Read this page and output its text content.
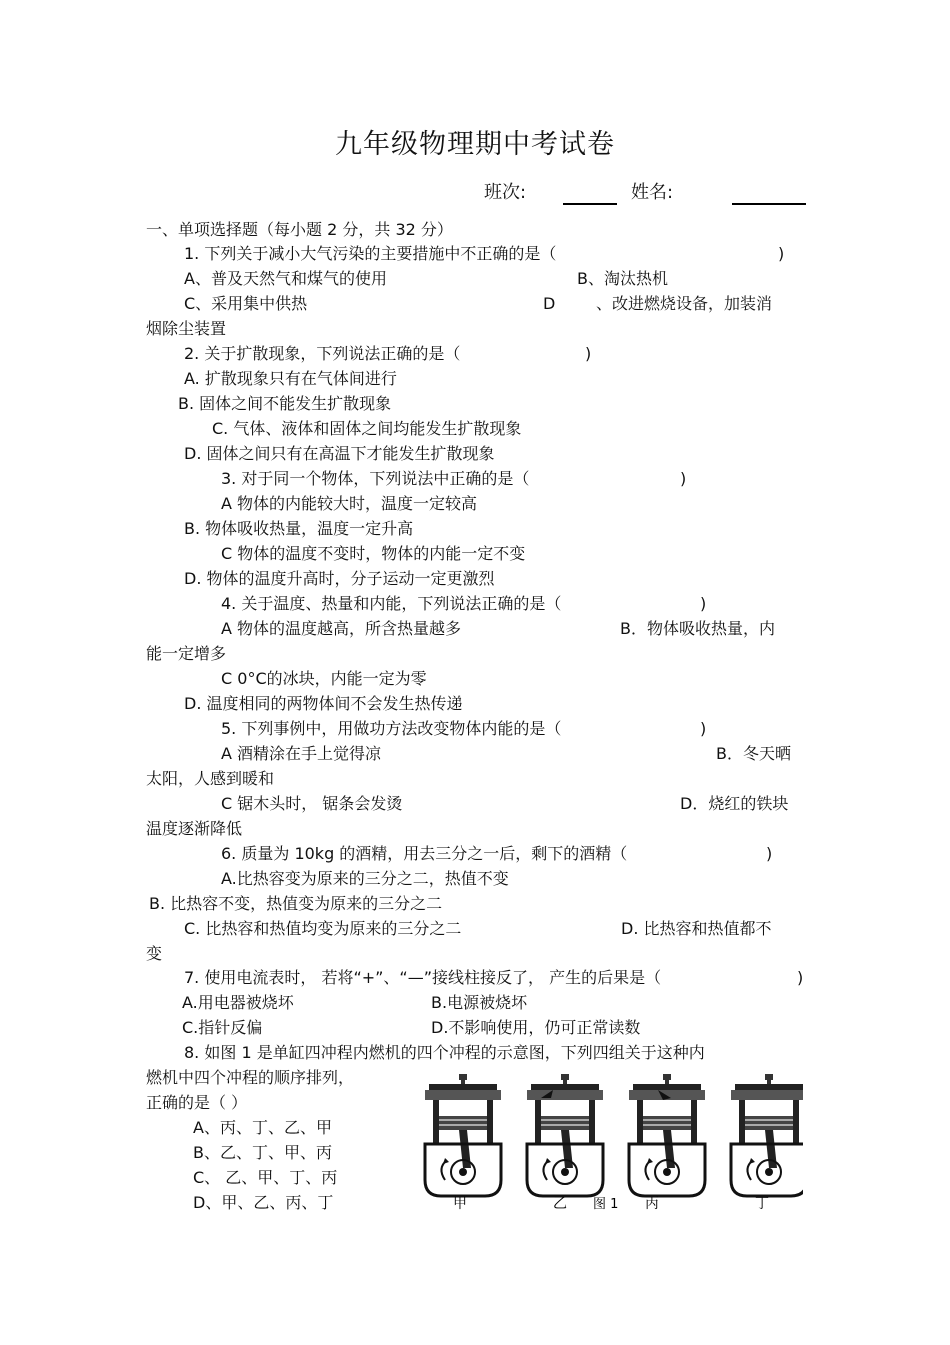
九年级物理期中考试卷
班次:	姓名:
一、单项选择题（每小题 2 分，共 32 分）
1. 下列关于减小大气污染的主要措施中不正确的是（	)
A、普及天然气和煤气的使用	B、淘汰热机
C、采用集中供热	D	、改进燃烧设备，加装消
烟除尘装置
2. 关于扩散现象，下列说法正确的是（	)
A. 扩散现象只有在气体间进行
B. 固体之间不能发生扩散现象
C. 气体、液体和固体之间均能发生扩散现象
D. 固体之间只有在高温下才能发生扩散现象
3. 对于同一个物体，下列说法中正确的是（	)
A 物体的内能较大时，温度一定较高
B. 物体吸收热量，温度一定升高
C 物体的温度不变时，物体的内能一定不变
D. 物体的温度升高时，分子运动一定更激烈
4. 关于温度、热量和内能，下列说法正确的是（	)
A 物体的温度越高，所含热量越多	B．物体吸收热量，内
能一定增多
C 0°C的冰块，内能一定为零
D. 温度相同的两物体间不会发生热传递
5. 下列事例中，用做功方法改变物体内能的是（	)
A 酒精涂在手上觉得凉	B．冬天晒
太阳，人感到暖和
C 锯木头时， 锯条会发烫	D．烧红的铁块
温度逐渐降低
6. 质量为 10kg 的酒精，用去三分之一后，剩下的酒精（	)
A.比热容变为原来的三分之二，热值不变
B. 比热容不变，热值变为原来的三分之二
C. 比热容和热值均变为原来的三分之二	D. 比热容和热值都不
变
7. 使用电流表时， 若将“+”、“—”接线柱接反了， 产生的后果是（	)
A.用电器被烧坏	B.电源被烧坏
C.指针反偏	D.不影响使用，仍可正常读数
8. 如图 1 是单缸四冲程内燃机的四个冲程的示意图，下列四组关于这种内
燃机中四个冲程的顺序排列，
正确的是（ ）
A、丙、丁、乙、甲
B、乙、丁、甲、丙
C、 乙、甲、丁、丙
D、甲、乙、丙、丁	甲	乙 图 1 丙	丁
